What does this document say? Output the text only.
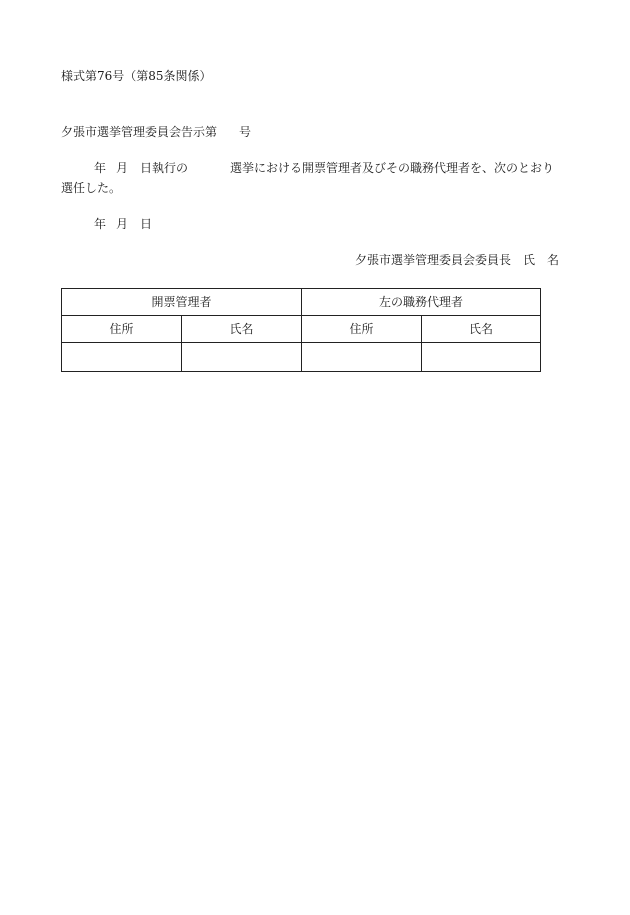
様式第76号（第85条関係）
夕張市選挙管理委員会告示第 号
年 月 日執行の	選挙における開票管理者及びその職務代理者を、次のとおり
選任した。
年 月 日
夕張市選挙管理委員会委員長 氏 名
開票管理者		左の職務代理者	
住所	氏名	住所	氏名
